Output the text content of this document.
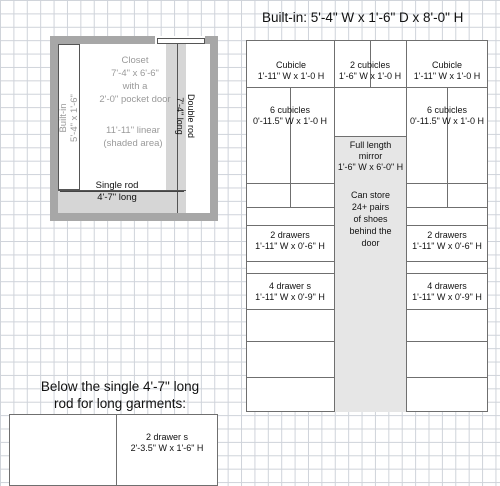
Built-in: 5'-4" W x 1'-6" D x 8'-0" H
Closet
7'-4" x 6'-6"
with a
2'-0" pocket door
11'-11" linear
(shaded area)
Built-in
5'-4" x 1'-6"	Double rod
7'-4" long
Single rod
4'-7" long
Cubicle
1'-11" W x 1'-0 H
2 cubicles
1'-6" W x 1'-0 H
Cubicle
1'-11" W x 1'-0 H
6 cubicles
0'-11.5" W x 1'-0 H
6 cubicles
0'-11.5" W x 1'-0 H
Full length
mirror
1'-6" W x 6'-0" H
Can store
24+ pairs
of shoes
behind the
door
2 drawers
1'-11" W x 0'-6" H
2 drawers
1'-11" W x 0'-6" H
4 drawer s
1'-11" W x 0'-9" H
4 drawers
1'-11" W x 0'-9" H
Below the single 4'-7" long
rod for long garments:
2 drawer s
2'-3.5" W x 1'-6" H
